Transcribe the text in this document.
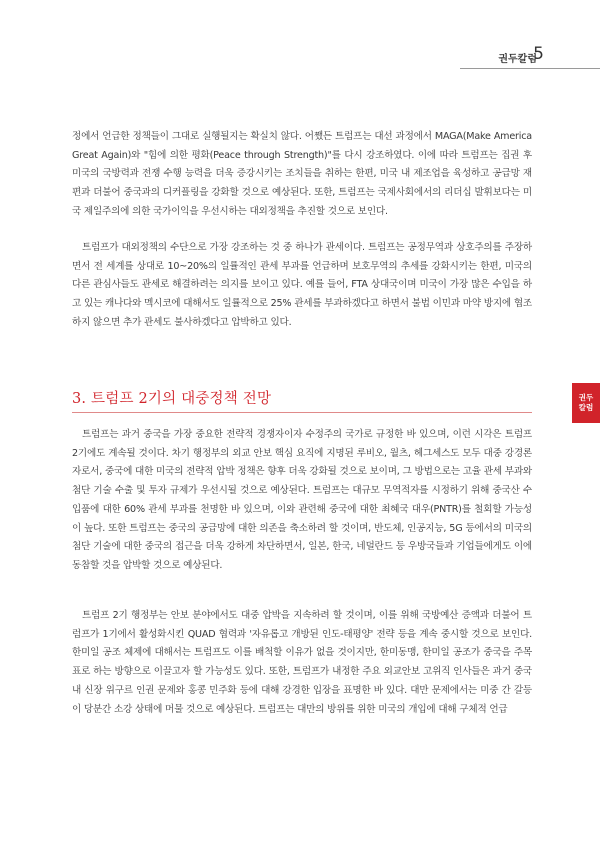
권두칼럼
5
권두
칼럼

정에서 언급한 정책들이 그대로 실행될지는 확실치 않다. 어쨌든 트럼프는 대선 과정에서 MAGA(Make America Great Again)와 "힘에 의한 평화(Peace through Strength)"를 다시 강조하였다. 이에 따라 트럼프는 집권 후 미국의 국방력과 전쟁 수행 능력을 더욱 증강시키는 조치들을 취하는 한편, 미국 내 제조업을 육성하고 공급망 재편과 더불어 중국과의 디커플링을 강화할 것으로 예상된다. 또한, 트럼프는 국제사회에서의 리더십 발휘보다는 미국 제일주의에 의한 국가이익을 우선시하는 대외정책을 추진할 것으로 보인다.

트럼프가 대외정책의 수단으로 가장 강조하는 것 중 하나가 관세이다. 트럼프는 공정무역과 상호주의를 주장하면서 전 세계를 상대로 10~20%의 일률적인 관세 부과를 언급하며 보호무역의 추세를 강화시키는 한편, 미국의 다른 관심사들도 관세로 해결하려는 의지를 보이고 있다. 예를 들어, FTA 상대국이며 미국이 가장 많은 수입을 하고 있는 캐나다와 멕시코에 대해서도 일률적으로 25% 관세를 부과하겠다고 하면서 불법 이민과 마약 방지에 협조하지 않으면 추가 관세도 불사하겠다고 압박하고 있다.

3. 트럼프 2기의 대중정책 전망

트럼프는 과거 중국을 가장 중요한 전략적 경쟁자이자 수정주의 국가로 규정한 바 있으며, 이런 시각은 트럼프 2기에도 계속될 것이다. 차기 행정부의 외교 안보 핵심 요직에 지명된 루비오, 월츠, 헤그세스도 모두 대중 강경론자로서, 중국에 대한 미국의 전략적 압박 정책은 향후 더욱 강화될 것으로 보이며, 그 방법으로는 고율 관세 부과와 첨단 기술 수출 및 투자 규제가 우선시될 것으로 예상된다. 트럼프는 대규모 무역적자를 시정하기 위해 중국산 수입품에 대한 60% 관세 부과를 천명한 바 있으며, 이와 관련해 중국에 대한 최혜국 대우(PNTR)를 철회할 가능성이 높다. 또한 트럼프는 중국의 공급망에 대한 의존을 축소하려 할 것이며, 반도체, 인공지능, 5G 등에서의 미국의 첨단 기술에 대한 중국의 접근을 더욱 강하게 차단하면서, 일본, 한국, 네덜란드 등 우방국들과 기업들에게도 이에 동참할 것을 압박할 것으로 예상된다.

트럼프 2기 행정부는 안보 분야에서도 대중 압박을 지속하려 할 것이며, 이를 위해 국방예산 증액과 더불어 트럼프가 1기에서 활성화시킨 QUAD 협력과 '자유롭고 개방된 인도-태평양' 전략 등을 계속 중시할 것으로 보인다. 한미일 공조 체제에 대해서는 트럼프도 이를 배척할 이유가 없을 것이지만, 한미동맹, 한미일 공조가 중국을 주목표로 하는 방향으로 이끌고자 할 가능성도 있다. 또한, 트럼프가 내정한 주요 외교안보 고위직 인사들은 과거 중국 내 신장 위구르 인권 문제와 홍콩 민주화 등에 대해 강경한 입장을 표명한 바 있다. 대만 문제에서는 미중 간 갈등이 당분간 소강 상태에 머물 것으로 예상된다. 트럼프는 대만의 방위를 위한 미국의 개입에 대해 구체적 언급
